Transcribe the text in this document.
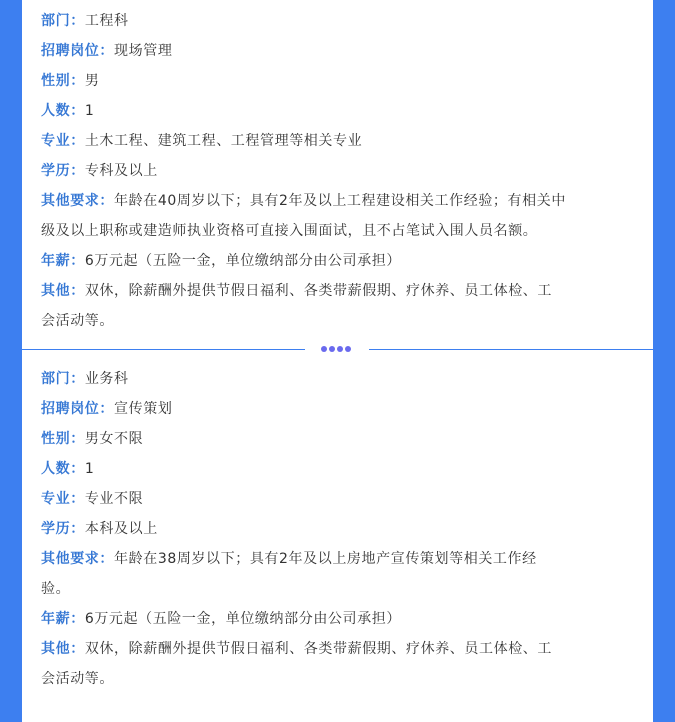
部门：工程科
招聘岗位：现场管理
性别：男
人数：1
专业：土木工程、建筑工程、工程管理等相关专业
学历：专科及以上
其他要求：年龄在40周岁以下；具有2年及以上工程建设相关工作经验；有相关中
级及以上职称或建造师执业资格可直接入围面试，且不占笔试入围人员名额。
年薪：6万元起（五险一金，单位缴纳部分由公司承担）
其他：双休，除薪酬外提供节假日福利、各类带薪假期、疗休养、员工体检、工
会活动等。
部门：业务科
招聘岗位：宣传策划
性别：男女不限
人数：1
专业：专业不限
学历：本科及以上
其他要求：年龄在38周岁以下；具有2年及以上房地产宣传策划等相关工作经
验。
年薪：6万元起（五险一金，单位缴纳部分由公司承担）
其他：双休，除薪酬外提供节假日福利、各类带薪假期、疗休养、员工体检、工
会活动等。
